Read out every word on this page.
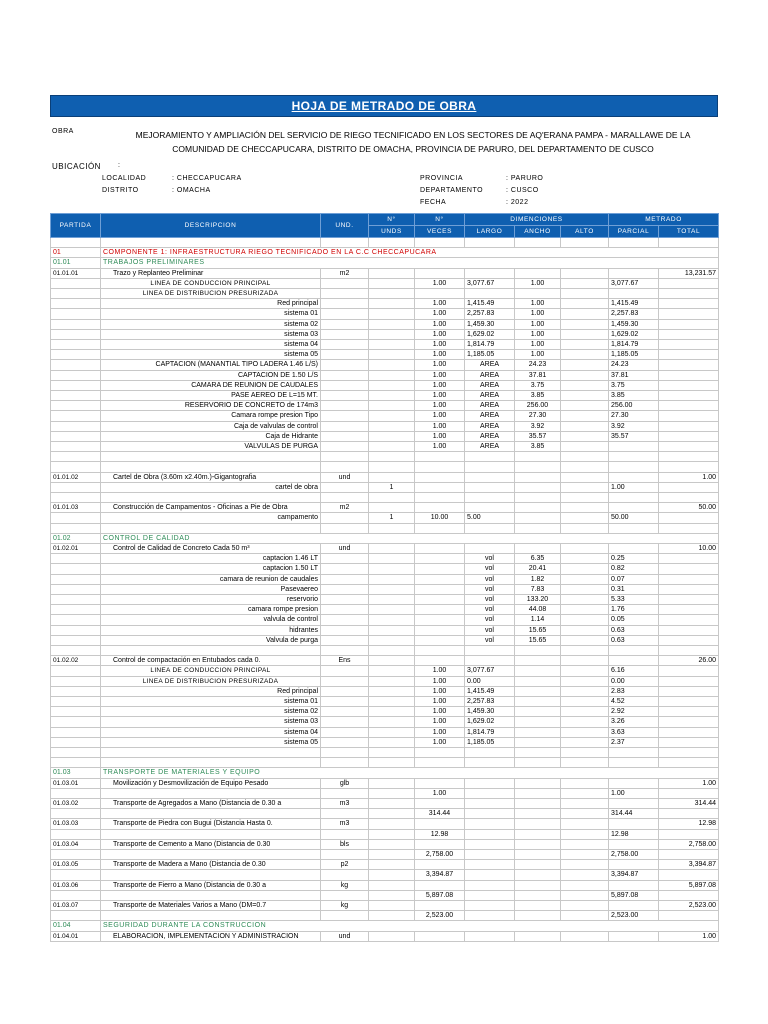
HOJA DE METRADO DE OBRA
OBRA	MEJORAMIENTO Y AMPLIACIÓN DEL SERVICIO DE RIEGO TECNIFICADO EN LOS SECTORES DE AQ'ERANA PAMPA - MARALLAWE DE LA
COMUNIDAD DE CHECCAPUCARA, DISTRITO DE OMACHA, PROVINCIA DE PARURO, DEL DEPARTAMENTO DE CUSCO
UBICACIÓN :
LOCALIDAD	: CHECCAPUCARA
DISTRITO	: OMACHA
PROVINCIA	: PARURO
DEPARTAMENTO	: CUSCO
FECHA	: 2022
PARTIDA	DESCRIPCION	UND.	N°	N°	DIMENCIONES			METRADO	
			UNDS	VECES	LARGO	ANCHO	ALTO	PARCIAL	TOTAL

01	COMPONENTE 1: INFRAESTRUCTURA RIEGO TECNIFICADO EN LA C.C CHECCAPUCARA								
01.01	TRABAJOS PRELIMINARES								
01.01.01	Trazo y Replanteo Preliminar	m2							13,231.57
	LINEA DE CONDUCCION PRINCIPAL			1.00	3,077.67	1.00		3,077.67	
	LINEA DE DISTRIBUCION PRESURIZADA								
	Red principal			1.00	1,415.49	1.00		1,415.49	
	sistema 01			1.00	2,257.83	1.00		2,257.83	
	sistema 02			1.00	1,459.30	1.00		1,459.30	
	sistema 03			1.00	1,629.02	1.00		1,629.02	
	sistema 04			1.00	1,814.79	1.00		1,814.79	
	sistema 05			1.00	1,185.05	1.00		1,185.05	
	CAPTACION (MANANTIAL TIPO LADERA 1.46 L/S)			1.00	AREA	24.23		24.23	
	CAPTACION DE 1.50 L/S			1.00	AREA	37.81		37.81	
	CAMARA DE REUNION DE CAUDALES			1.00	AREA	3.75		3.75	
	PASE AEREO DE L=15 MT.			1.00	AREA	3.85		3.85	
	RESERVORIO DE CONCRETO de 174m3			1.00	AREA	256.00		256.00	
	Camara rompe presion Tipo			1.00	AREA	27.30		27.30	
	Caja de valvulas de control			1.00	AREA	3.92		3.92	
	Caja de Hidrante			1.00	AREA	35.57		35.57	
	VALVULAS DE PURGA			1.00	AREA	3.85			

01.01.02	Cartel de Obra (3.60m x2.40m.)-Gigantografia	und							1.00
	cartel de obra		1					1.00	

01.01.03	Construcción de Campamentos - Oficinas a Pie de Obra	m2							50.00
	campamento		1	10.00	5.00			50.00	

01.02	CONTROL DE CALIDAD								
01.02.01	Control de Calidad de Concreto Cada 50 m³	und							10.00
	captacion 1.46 LT				vol	6.35		0.25	
	captacion 1.50 LT				vol	20.41		0.82	
	camara de reunion de caudales				vol	1.82		0.07	
	Pasevaereo				vol	7.83		0.31	
	reservorio				vol	133.20		5.33	
	camara rompe presion				vol	44.08		1.76	
	valvula de control				vol	1.14		0.05	
	hidrantes				vol	15.65		0.63	
	Valvula de purga				vol	15.65		0.63	

01.02.02	Control de compactación en Entubados cada 0.	Ens							26.00
	LINEA DE CONDUCCION PRINCIPAL			1.00	3,077.67			6.16	
	LINEA DE DISTRIBUCION PRESURIZADA			1.00	0.00			0.00	
	Red principal			1.00	1,415.49			2.83	
	sistema 01			1.00	2,257.83			4.52	
	sistema 02			1.00	1,459.30			2.92	
	sistema 03			1.00	1,629.02			3.26	
	sistema 04			1.00	1,814.79			3.63	
	sistema 05			1.00	1,185.05			2.37	

01.03	TRANSPORTE DE MATERIALES Y EQUIPO								
01.03.01	Movilización y Desmovilización de Equipo Pesado	glb							1.00
				1.00				1.00	
01.03.02	Transporte de Agregados a Mano (Distancia de 0.30 a	m3							314.44
				314.44				314.44	
01.03.03	Transporte de Piedra con Bugui (Distancia Hasta 0.	m3							12.98
				12.98				12.98	
01.03.04	Transporte de Cemento a Mano (Distancia de 0.30	bls							2,758.00
				2,758.00				2,758.00	
01.03.05	Transporte de Madera a Mano (Distancia de 0.30	p2							3,394.87
				3,394.87				3,394.87	
01.03.06	Transporte de Fierro a Mano (Distancia de 0.30 a	kg							5,897.08
				5,897.08				5,897.08	
01.03.07	Transporte de Materiales Varios a Mano (DM=0.7	kg							2,523.00
				2,523.00				2,523.00	
01.04	SEGURIDAD DURANTE LA CONSTRUCCION								
01.04.01	ELABORACION, IMPLEMENTACION Y ADMINISTRACION	und							1.00
